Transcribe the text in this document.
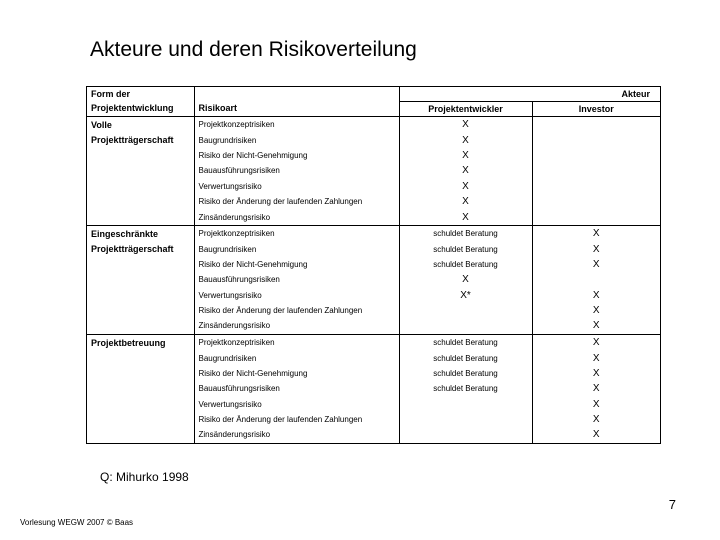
Akteure und deren Risikoverteilung
Form der		Akteur	
Projektentwicklung	Risikoart	Projektentwickler	Investor
Volle	Projektkonzeptrisiken	X	
Projektträgerschaft	Baugrundrisiken	X	
	Risiko der Nicht-Genehmigung	X	
	Bauausführungsrisiken	X	
	Verwertungsrisiko	X	
	Risiko der Änderung der laufenden Zahlungen	X	
	Zinsänderungsrisiko	X	
Eingeschränkte	Projektkonzeptrisiken	schuldet Beratung	X
Projektträgerschaft	Baugrundrisiken	schuldet Beratung	X
	Risiko der Nicht-Genehmigung	schuldet Beratung	X
	Bauausführungsrisiken	X	
	Verwertungsrisiko	X*	X
	Risiko der Änderung der laufenden Zahlungen		X
	Zinsänderungsrisiko		X
Projektbetreuung	Projektkonzeptrisiken	schuldet Beratung	X
	Baugrundrisiken	schuldet Beratung	X
	Risiko der Nicht-Genehmigung	schuldet Beratung	X
	Bauausführungsrisiken	schuldet Beratung	X
	Verwertungsrisiko		X
	Risiko der Änderung der laufenden Zahlungen		X
	Zinsänderungsrisiko		X
Q: Mihurko 1998
7
Vorlesung WEGW 2007 © Baas
